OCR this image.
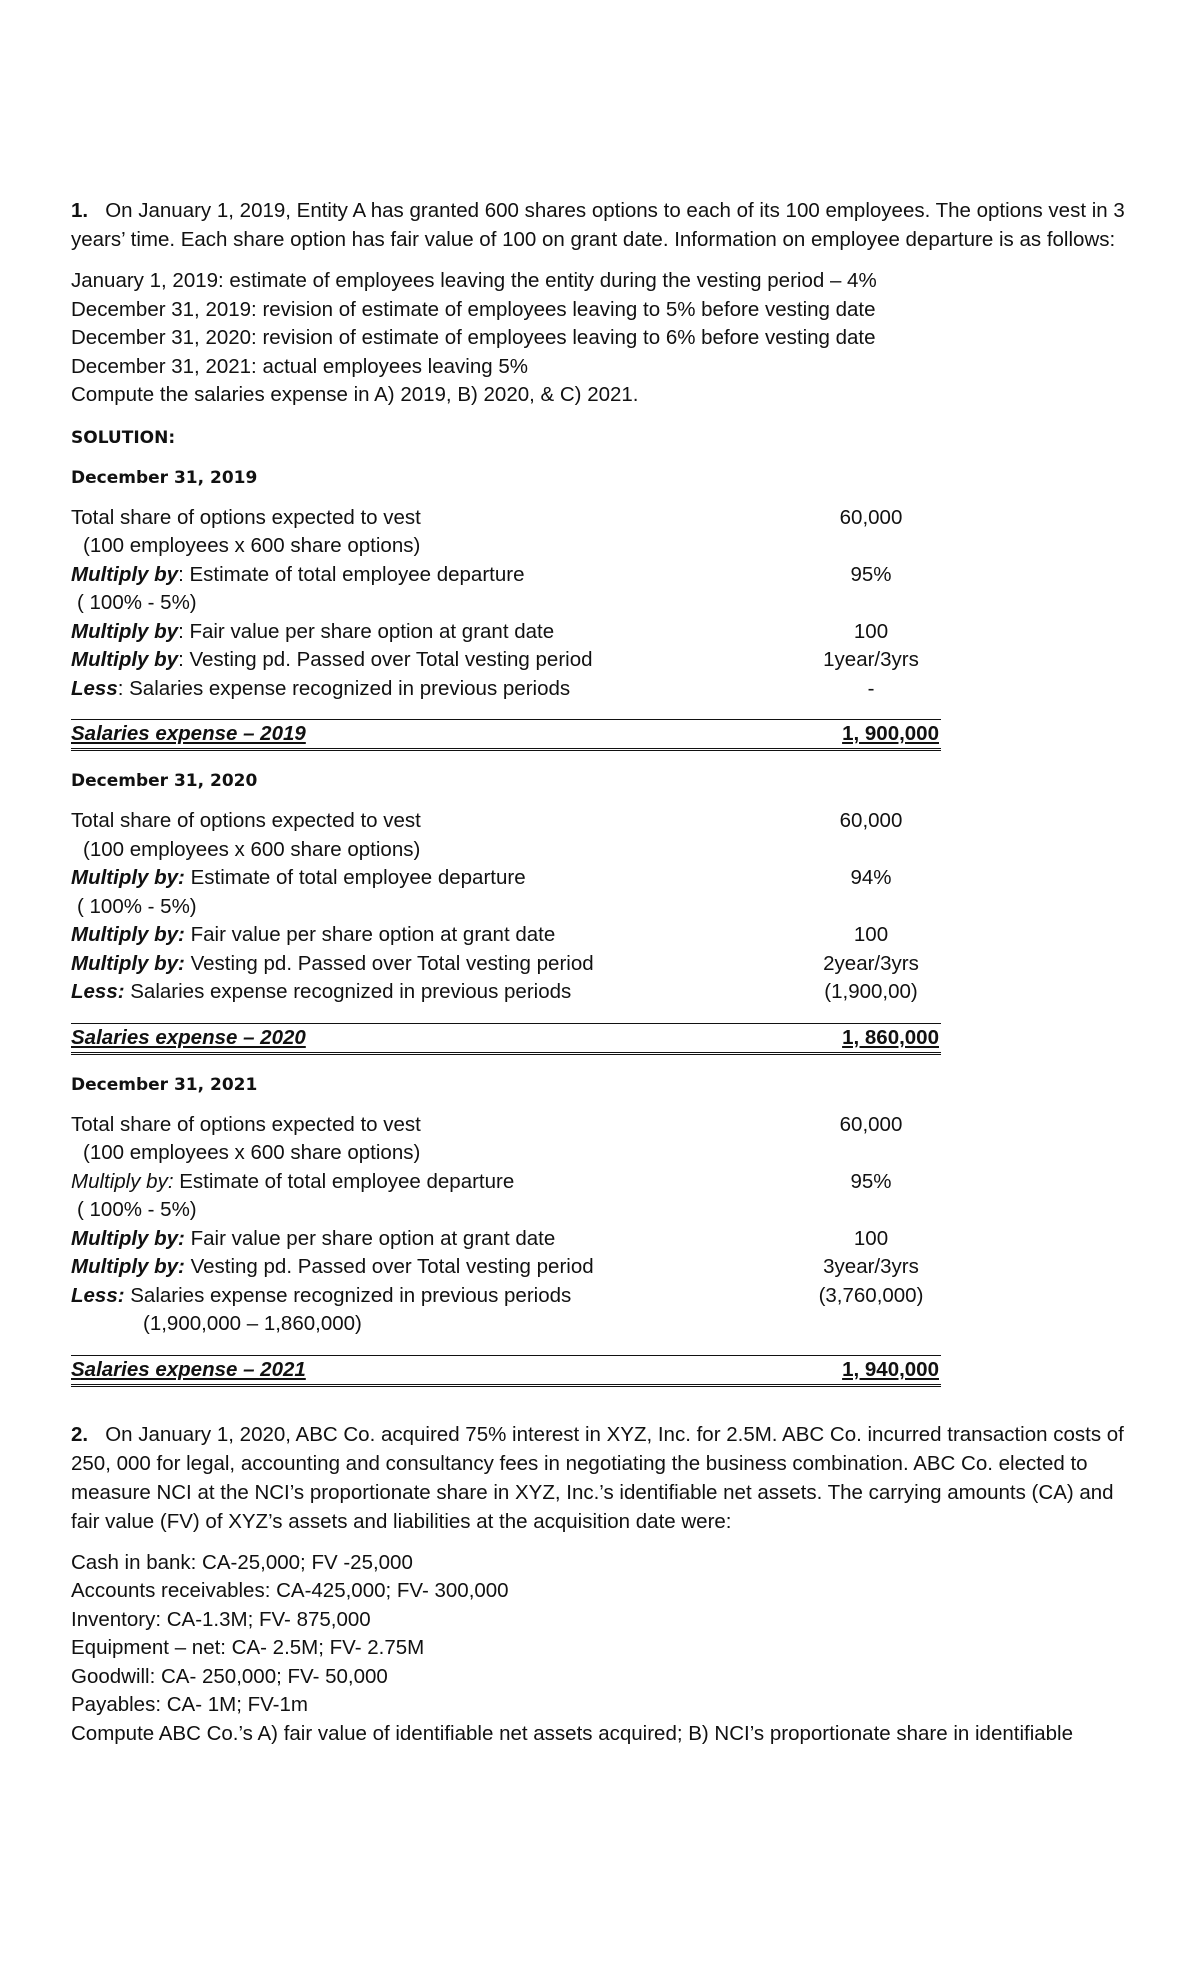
1. On January 1, 2019, Entity A has granted 600 shares options to each of its 100 employees. The options vest in 3 years’ time. Each share option has fair value of 100 on grant date. Information on employee departure is as follows:

January 1, 2019: estimate of employees leaving the entity during the vesting period – 4%
December 31, 2019: revision of estimate of employees leaving to 5% before vesting date
December 31, 2020: revision of estimate of employees leaving to 6% before vesting date
December 31, 2021: actual employees leaving 5%
Compute the salaries expense in A) 2019, B) 2020, & C) 2021.

SOLUTION:

December 31, 2019

Total share of options expected to vest	60,000
(100 employees x 600 share options)
Multiply by: Estimate of total employee departure	95%
( 100% - 5%)
Multiply by: Fair value per share option at grant date	100
Multiply by: Vesting pd. Passed over Total vesting period	1year/3yrs
Less: Salaries expense recognized in previous periods	-
Salaries expense – 2019	1, 900,000

December 31, 2020

Total share of options expected to vest	60,000
(100 employees x 600 share options)
Multiply by: Estimate of total employee departure	94%
( 100% - 5%)
Multiply by: Fair value per share option at grant date	100
Multiply by: Vesting pd. Passed over Total vesting period	2year/3yrs
Less: Salaries expense recognized in previous periods	(1,900,00)
Salaries expense – 2020	1, 860,000

December 31, 2021

Total share of options expected to vest	60,000
(100 employees x 600 share options)
Multiply by: Estimate of total employee departure	95%
( 100% - 5%)
Multiply by: Fair value per share option at grant date	100
Multiply by: Vesting pd. Passed over Total vesting period	3year/3yrs
Less: Salaries expense recognized in previous periods	(3,760,000)
(1,900,000 – 1,860,000)
Salaries expense – 2021	1, 940,000

2. On January 1, 2020, ABC Co. acquired 75% interest in XYZ, Inc. for 2.5M. ABC Co. incurred transaction costs of 250, 000 for legal, accounting and consultancy fees in negotiating the business combination. ABC Co. elected to measure NCI at the NCI’s proportionate share in XYZ, Inc.’s identifiable net assets. The carrying amounts (CA) and fair value (FV) of XYZ’s assets and liabilities at the acquisition date were:

Cash in bank: CA-25,000; FV -25,000
Accounts receivables: CA-425,000; FV- 300,000
Inventory: CA-1.3M; FV- 875,000
Equipment – net: CA- 2.5M; FV- 2.75M
Goodwill: CA- 250,000; FV- 50,000
Payables: CA- 1M; FV-1m
Compute ABC Co.’s A) fair value of identifiable net assets acquired; B) NCI’s proportionate share in identifiable
